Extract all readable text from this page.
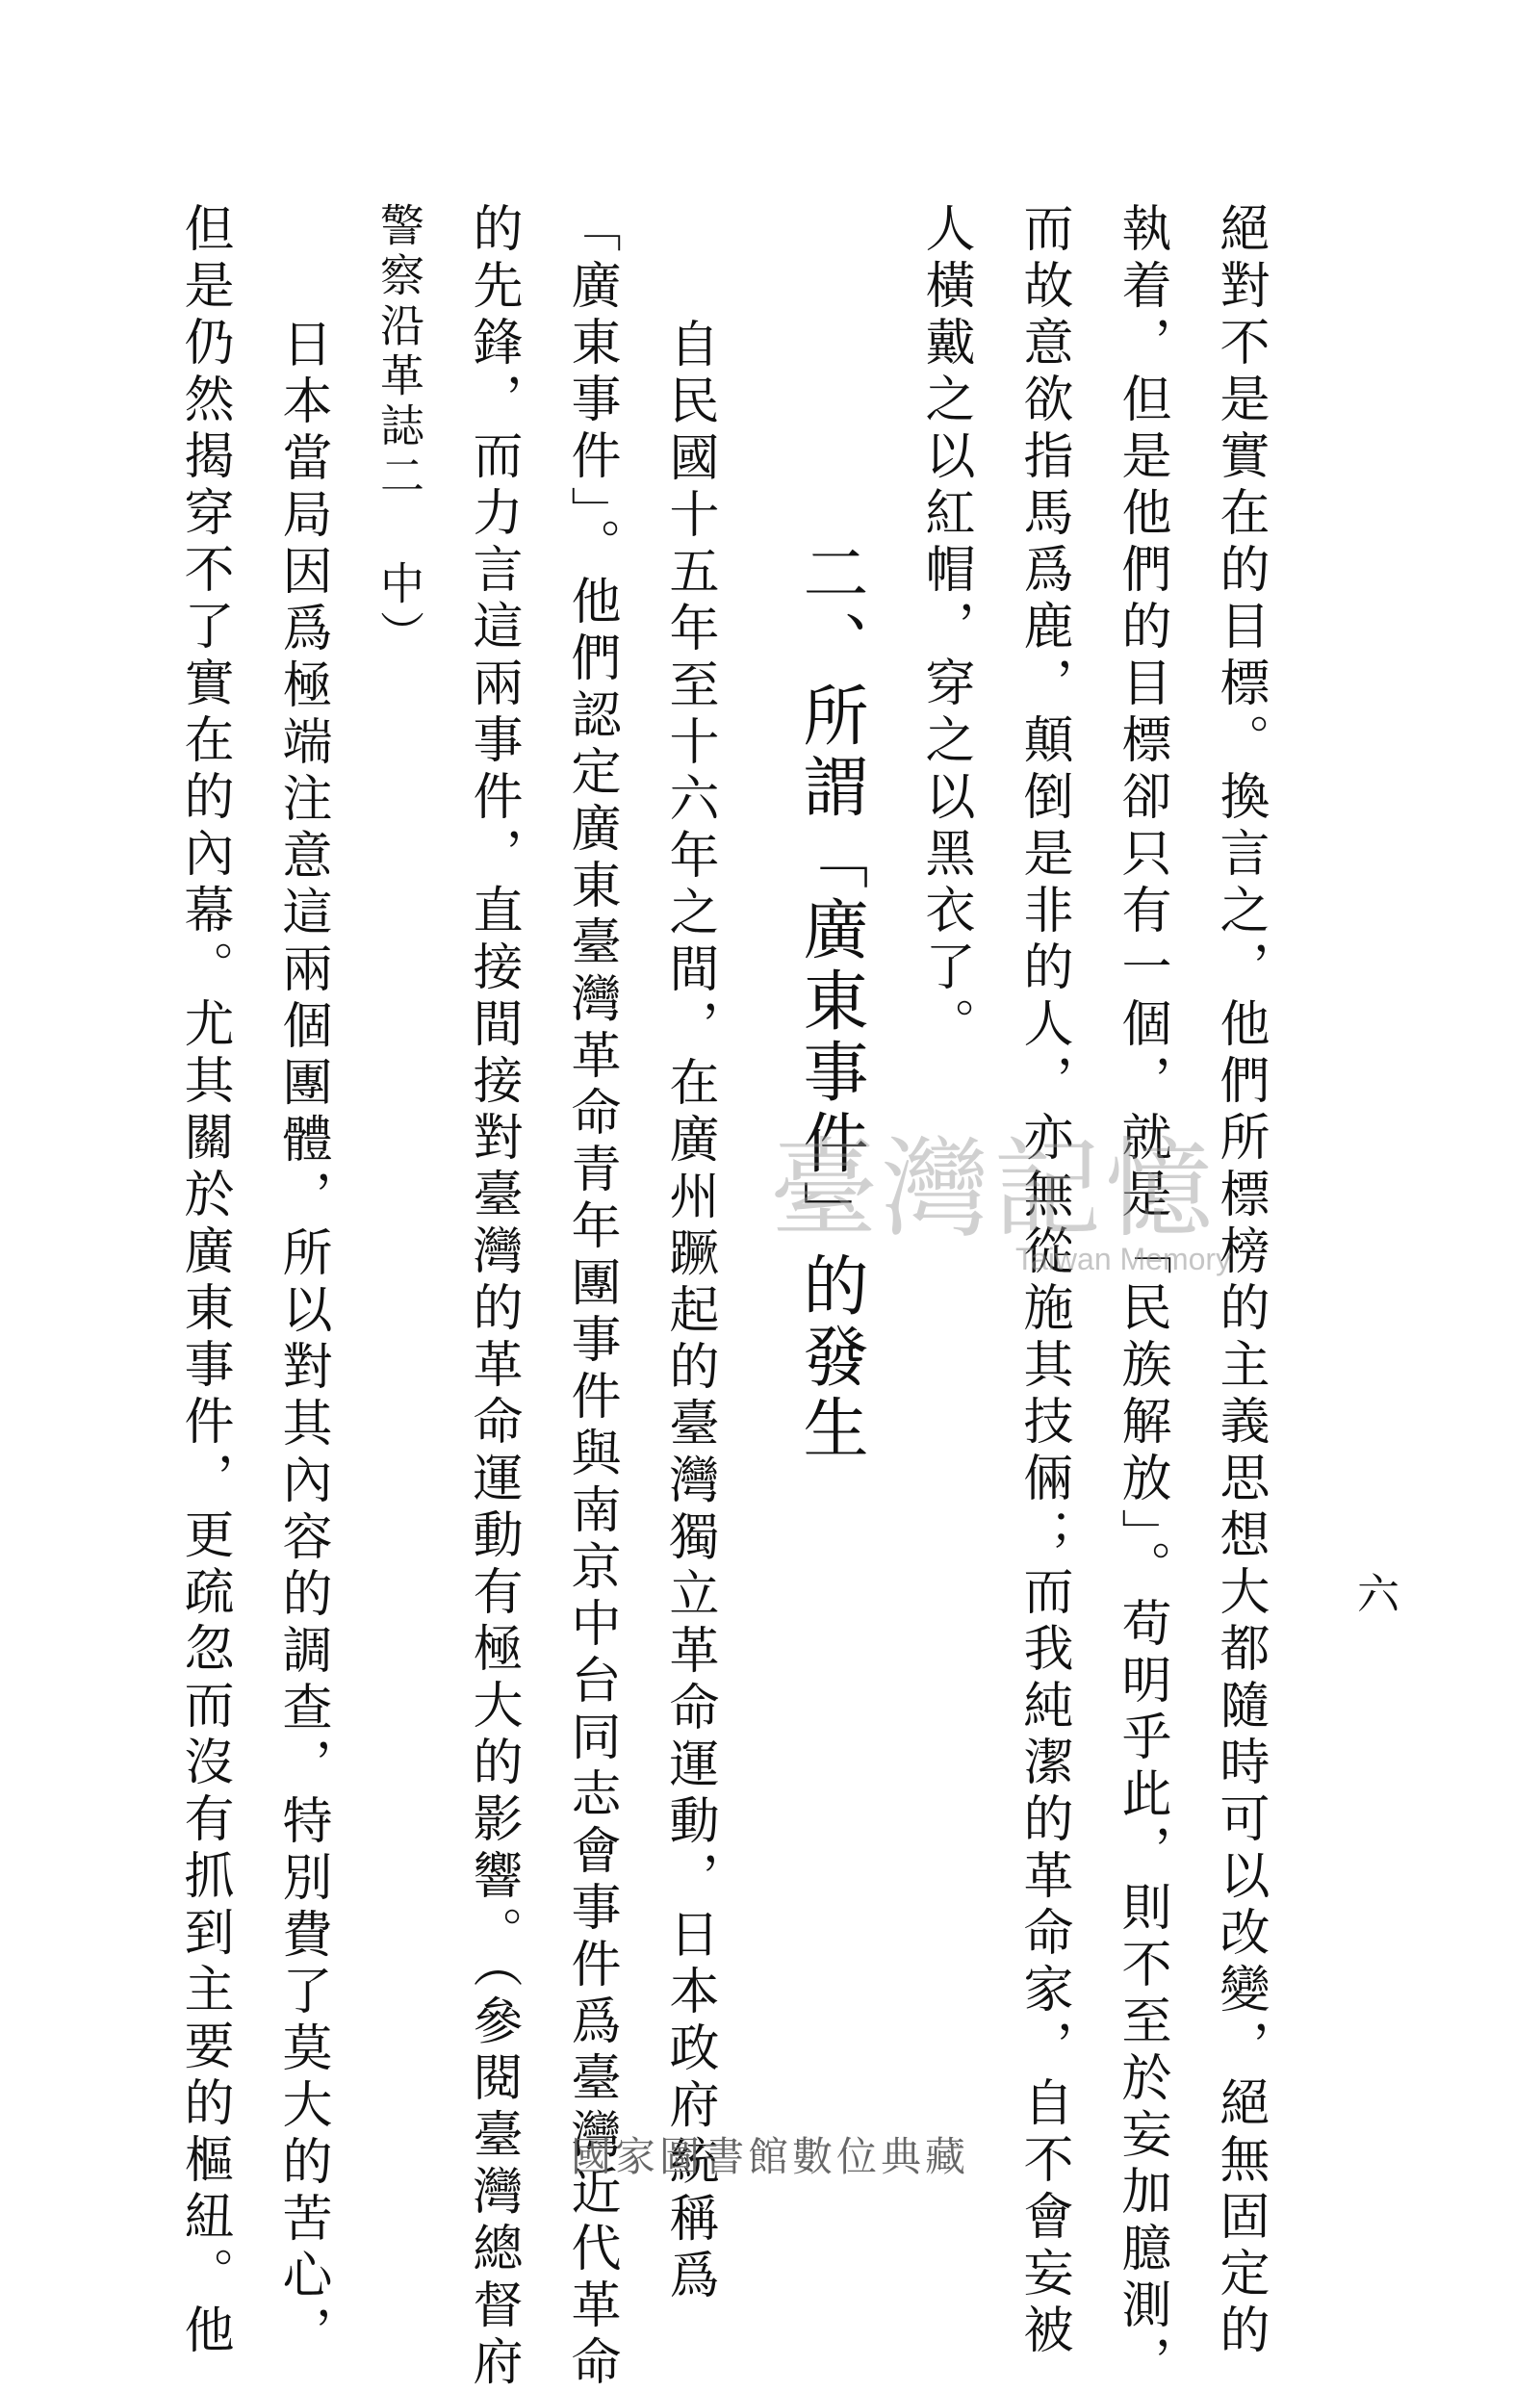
六
絕對不是實在的目標。換言之，他們所標榜的主義思想大都隨時可以改變，絕無固定的
執着，但是他們的目標卻只有一個，就是「民族解放」。苟明乎此，則不至於妄加臆測，
而故意欲指馬爲鹿，顛倒是非的人，亦無從施其技倆；而我純潔的革命家，自不會妄被
人橫戴之以紅帽，穿之以黑衣了。
二、所謂「廣東事件」的發生
自民國十五年至十六年之間，在廣州蹶起的臺灣獨立革命運動，日本政府統稱爲
「廣東事件」。他們認定廣東臺灣革命青年團事件與南京中台同志會事件爲臺灣近代革命
的先鋒，而力言這兩事件，直接間接對臺灣的革命運動有極大的影響。（參閱臺灣總督府
警察沿革誌二 中）
日本當局因爲極端注意這兩個團體，所以對其內容的調查，特別費了莫大的苦心，
但是仍然揭穿不了實在的內幕。尤其關於廣東事件，更疏忽而沒有抓到主要的樞紐。他	臺灣記憶
Taiwan Memory
國家圖書館數位典藏
